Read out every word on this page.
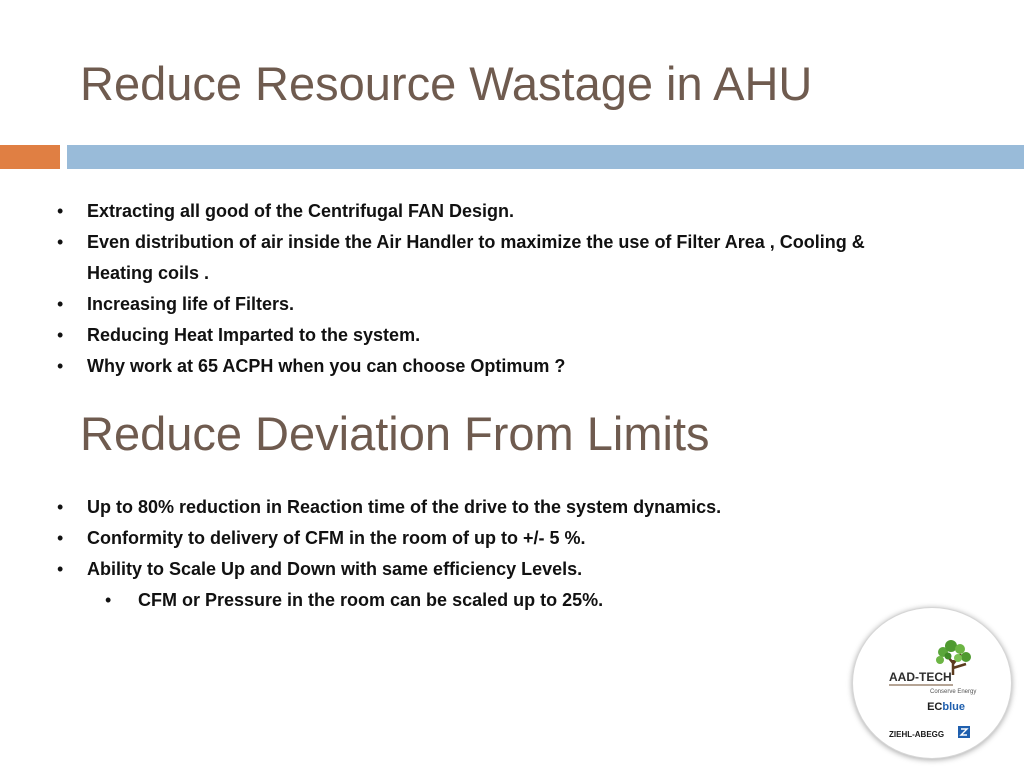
Reduce Resource Wastage in AHU
• Extracting all good of the Centrifugal FAN Design.
• Even distribution of air inside the Air Handler to maximize the use of Filter Area , Cooling & Heating coils .
• Increasing life of Filters.
• Reducing Heat Imparted to the system.
• Why work at 65 ACPH when you can choose Optimum ?
Reduce Deviation From Limits
• Up to 80% reduction in Reaction time of the drive to the system dynamics.
• Conformity to delivery of CFM in the room of up to +/- 5 %.
• Ability to Scale Up and Down with same efficiency Levels.
• CFM or Pressure in the room can be scaled up to 25%.
AAD-TECH
Conserve Energy
ECblue
ZIEHL-ABEGG
